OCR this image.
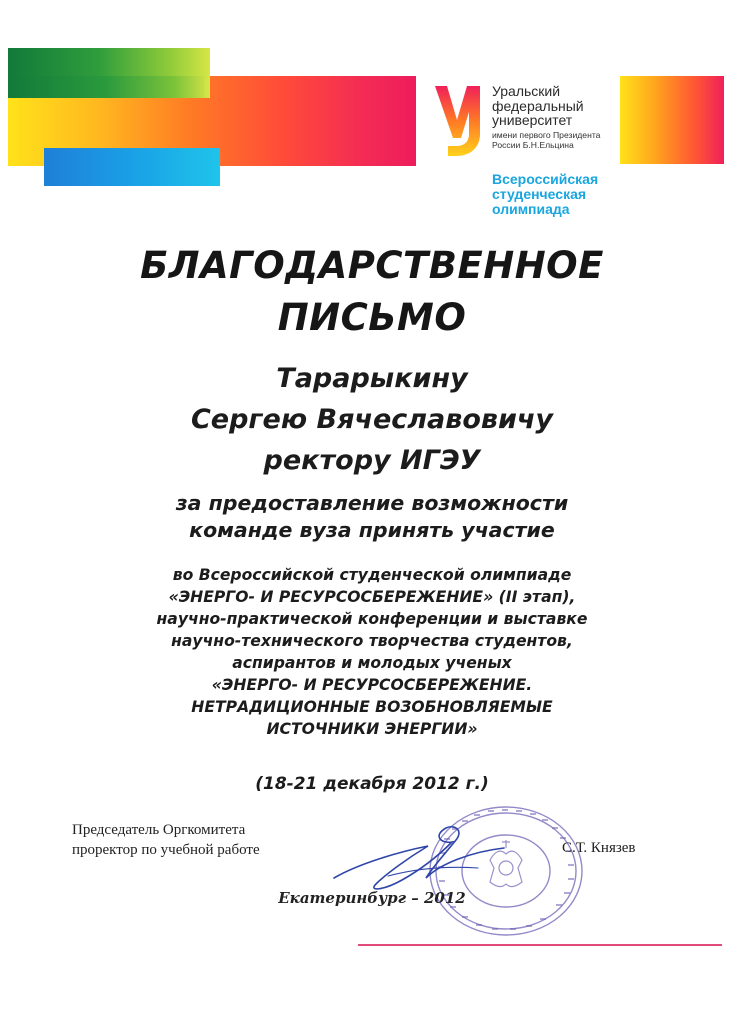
Уральский
федеральный
университет
имени первого Президента
России Б.Н.Ельцина
Всероссийская
студенческая
олимпиада
БЛАГОДАРСТВЕННОЕ
ПИСЬМО
Тарарыкину
Сергею Вячеславовичу
ректору ИГЭУ
за предоставление возможности
команде вуза принять участие
во Всероссийской студенческой олимпиаде
«ЭНЕРГО- И РЕСУРСОСБЕРЕЖЕНИЕ» (II этап),
научно-практической конференции и выставке
научно-технического творчества студентов,
аспирантов и молодых ученых
«ЭНЕРГО- И РЕСУРСОСБЕРЕЖЕНИЕ.
НЕТРАДИЦИОННЫЕ ВОЗОБНОВЛЯЕМЫЕ
ИСТОЧНИКИ ЭНЕРГИИ»
(18-21 декабря 2012 г.)
Председатель Оргкомитета
проректор по учебной работе	С.Т. Князев
Екатеринбург – 2012
